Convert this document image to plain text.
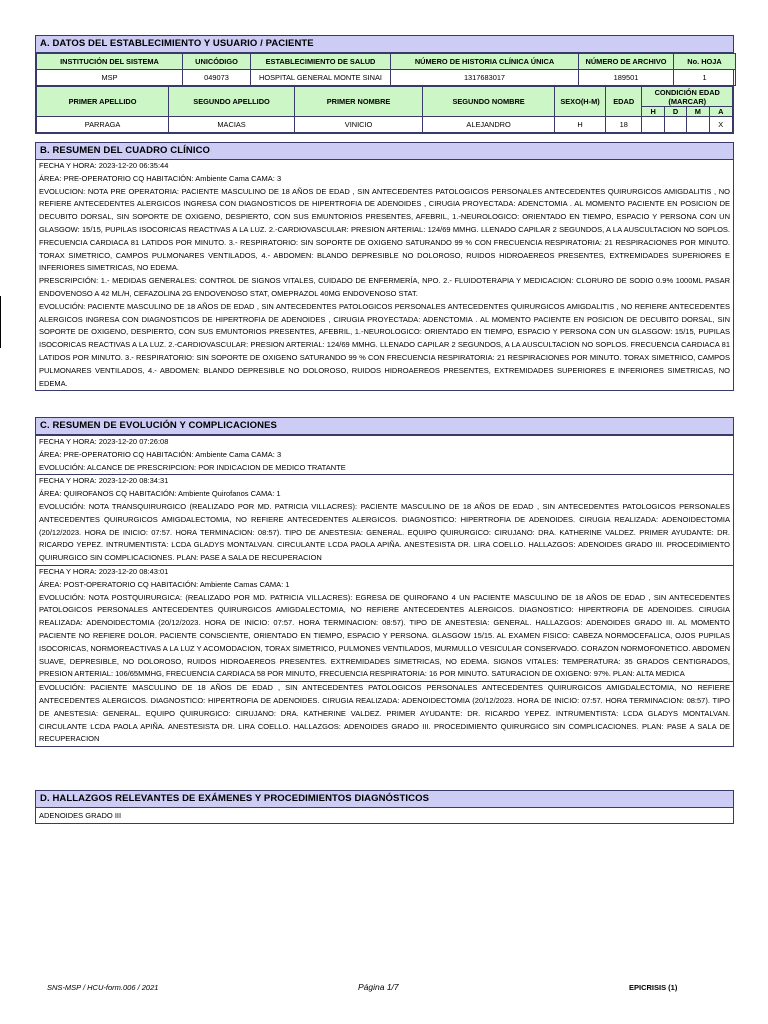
A. DATOS DEL ESTABLECIMIENTO Y USUARIO / PACIENTE
INSTITUCIÓN DEL SISTEMA	UNICÓDIGO	ESTABLECIMIENTO DE SALUD	NÚMERO DE HISTORIA CLÍNICA ÚNICA	NÚMERO DE ARCHIVO	No. HOJA
MSP	049073	HOSPITAL GENERAL MONTE SINAI	1317683017	189501	1
PRIMER APELLIDO	SEGUNDO APELLIDO	PRIMER NOMBRE	SEGUNDO NOMBRE	SEXO(H-M)	EDAD	CONDICIÓN EDAD (MARCAR)			
						H	D	M	A
PARRAGA	MACIAS	VINICIO	ALEJANDRO	H	18				X
B. RESUMEN DEL CUADRO CLÍNICO

FECHA Y HORA: 2023-12-20 06:35:44

ÁREA: PRE-OPERATORIO CQ HABITACIÓN: Ambiente Cama CAMA: 3

EVOLUCION: NOTA PRE OPERATORIA: PACIENTE MASCULINO DE 18 AÑOS DE EDAD , SIN ANTECEDENTES PATOLOGICOS PERSONALES ANTECEDENTES QUIRURGICOS AMIGDALITIS , NO REFIERE ANTECEDENTES ALERGICOS INGRESA CON DIAGNOSTICOS DE HIPERTROFIA DE ADENOIDES , CIRUGIA PROYECTADA: ADENCTOMIA . AL MOMENTO PACIENTE EN POSICION DE DECUBITO DORSAL, SIN SOPORTE DE OXIGENO, DESPIERTO, CON SUS EMUNTORIOS PRESENTES, AFEBRIL, 1.-NEUROLOGICO: ORIENTADO EN TIEMPO, ESPACIO Y PERSONA CON UN GLASGOW: 15/15, PUPILAS ISOCORICAS REACTIVAS A LA LUZ. 2.-CARDIOVASCULAR: PRESION ARTERIAL: 124/69 MMHG. LLENADO CAPILAR 2 SEGUNDOS, A LA AUSCULTACION NO SOPLOS. FRECUENCIA CARDIACA 81 LATIDOS POR MINUTO. 3.- RESPIRATORIO: SIN SOPORTE DE OXIGENO SATURANDO 99 % CON FRECUENCIA RESPIRATORIA: 21 RESPIRACIONES POR MINUTO. TORAX SIMETRICO, CAMPOS PULMONARES VENTILADOS, 4.- ABDOMEN: BLANDO DEPRESIBLE NO DOLOROSO, RUIDOS HIDROAEREOS PRESENTES, EXTREMIDADES SUPERIORES E INFERIORES SIMETRICAS, NO EDEMA.

PRESCRIPCIÓN: 1.- MEDIDAS GENERALES: CONTROL DE SIGNOS VITALES, CUIDADO DE ENFERMERÍA, NPO. 2.- FLUIDOTERAPIA Y MEDICACION: CLORURO DE SODIO 0.9% 1000ML PASAR ENDOVENOSO A 42 ML/H, CEFAZOLINA 2G ENDOVENOSO STAT, OMEPRAZOL 40MG ENDOVENOSO STAT.

EVOLUCIÓN: PACIENTE MASCULINO DE 18 AÑOS DE EDAD , SIN ANTECEDENTES PATOLOGICOS PERSONALES ANTECEDENTES QUIRURGICOS AMIGDALITIS , NO REFIERE ANTECEDENTES ALERGICOS INGRESA CON DIAGNOSTICOS DE HIPERTROFIA DE ADENOIDES , CIRUGIA PROYECTADA: ADENCTOMIA . AL MOMENTO PACIENTE EN POSICION DE DECUBITO DORSAL, SIN SOPORTE DE OXIGENO, DESPIERTO, CON SUS EMUNTORIOS PRESENTES, AFEBRIL, 1.-NEUROLOGICO: ORIENTADO EN TIEMPO, ESPACIO Y PERSONA CON UN GLASGOW: 15/15, PUPILAS ISOCORICAS REACTIVAS A LA LUZ. 2.-CARDIOVASCULAR: PRESION ARTERIAL: 124/69 MMHG. LLENADO CAPILAR 2 SEGUNDOS, A LA AUSCULTACION NO SOPLOS. FRECUENCIA CARDIACA 81 LATIDOS POR MINUTO. 3.- RESPIRATORIO: SIN SOPORTE DE OXIGENO SATURANDO 99 % CON FRECUENCIA RESPIRATORIA: 21 RESPIRACIONES POR MINUTO. TORAX SIMETRICO, CAMPOS PULMONARES VENTILADOS, 4.- ABDOMEN: BLANDO DEPRESIBLE NO DOLOROSO, RUIDOS HIDROAEREOS PRESENTES, EXTREMIDADES SUPERIORES E INFERIORES SIMETRICAS, NO EDEMA.

C. RESUMEN DE EVOLUCIÓN Y COMPLICACIONES

FECHA Y HORA: 2023-12-20 07:26:08

ÁREA: PRE-OPERATORIO CQ HABITACIÓN: Ambiente Cama CAMA: 3

EVOLUCIÓN: ALCANCE DE PRESCRIPCION: POR INDICACION DE MEDICO TRATANTE

FECHA Y HORA: 2023-12-20 08:34:31

ÁREA: QUIROFANOS CQ HABITACIÓN: Ambiente Quirofanos CAMA: 1

EVOLUCIÓN: NOTA TRANSQUIRURGICO (REALIZADO POR MD. PATRICIA VILLACRES): PACIENTE MASCULINO DE 18 AÑOS DE EDAD , SIN ANTECEDENTES PATOLOGICOS PERSONALES ANTECEDENTES QUIRURGICOS AMIGDALECTOMIA, NO REFIERE ANTECEDENTES ALERGICOS. DIAGNOSTICO: HIPERTROFIA DE ADENOIDES. CIRUGIA REALIZADA: ADENOIDECTOMIA (20/12/2023. HORA DE INICIO: 07:57. HORA TERMINACION: 08:57). TIPO DE ANESTESIA: GENERAL. EQUIPO QUIRURGICO: CIRUJANO: DRA. KATHERINE VALDEZ. PRIMER AYUDANTE: DR. RICARDO YEPEZ. INTRUMENTISTA: LCDA GLADYS MONTALVAN. CIRCULANTE LCDA PAOLA APIÑA. ANESTESISTA DR. LIRA COELLO. HALLAZGOS: ADENOIDES GRADO III. PROCEDIMIENTO QUIRURGICO SIN COMPLICACIONES. PLAN: PASE A SALA DE RECUPERACION

FECHA Y HORA: 2023-12-20 08:43:01

ÁREA: POST-OPERATORIO CQ HABITACIÓN: Ambiente Camas CAMA: 1

EVOLUCIÓN: NOTA POSTQUIRURGICA: (REALIZADO POR MD. PATRICIA VILLACRES): EGRESA DE QUIROFANO 4 UN PACIENTE MASCULINO DE 18 AÑOS DE EDAD , SIN ANTECEDENTES PATOLOGICOS PERSONALES ANTECEDENTES QUIRURGICOS AMIGDALECTOMIA, NO REFIERE ANTECEDENTES ALERGICOS. DIAGNOSTICO: HIPERTROFIA DE ADENOIDES. CIRUGIA REALIZADA: ADENOIDECTOMIA (20/12/2023. HORA DE INICIO: 07:57. HORA TERMINACION: 08:57). TIPO DE ANESTESIA: GENERAL. HALLAZGOS: ADENOIDES GRADO III. AL MOMENTO PACIENTE NO REFIERE DOLOR. PACIENTE CONSCIENTE, ORIENTADO EN TIEMPO, ESPACIO Y PERSONA. GLASGOW 15/15. AL EXAMEN FISICO: CABEZA NORMOCEFALICA, OJOS PUPILAS ISOCORICAS, NORMOREACTIVAS A LA LUZ Y ACOMODACION, TORAX SIMETRICO, PULMONES VENTILADOS, MURMULLO VESICULAR CONSERVADO. CORAZON NORMOFONETICO. ABDOMEN SUAVE, DEPRESIBLE, NO DOLOROSO, RUIDOS HIDROAEREOS PRESENTES. EXTREMIDADES SIMETRICAS, NO EDEMA. SIGNOS VITALES: TEMPERATURA: 35 GRADOS CENTIGRADOS, PRESION ARTERIAL: 106/65MMHG, FRECUENCIA CARDIACA 58 POR MINUTO, FRECUENCIA RESPIRATORIA: 16 POR MINUTO. SATURACION DE OXIGENO: 97%. PLAN: ALTA MEDICA

EVOLUCIÓN: PACIENTE MASCULINO DE 18 AÑOS DE EDAD , SIN ANTECEDENTES PATOLOGICOS PERSONALES ANTECEDENTES QUIRURGICOS AMIGDALECTOMIA, NO REFIERE ANTECEDENTES ALERGICOS. DIAGNOSTICO: HIPERTROFIA DE ADENOIDES. CIRUGIA REALIZADA: ADENOIDECTOMIA (20/12/2023. HORA DE INICIO: 07:57. HORA TERMINACION: 08:57). TIPO DE ANESTESIA: GENERAL. EQUIPO QUIRURGICO: CIRUJANO: DRA. KATHERINE VALDEZ. PRIMER AYUDANTE: DR. RICARDO YEPEZ. INTRUMENTISTA: LCDA GLADYS MONTALVAN. CIRCULANTE LCDA PAOLA APIÑA. ANESTESISTA DR. LIRA COELLO. HALLAZGOS: ADENOIDES GRADO III. PROCEDIMIENTO QUIRURGICO SIN COMPLICACIONES. PLAN: PASE A SALA DE RECUPERACION

D. HALLAZGOS RELEVANTES DE EXÁMENES Y PROCEDIMIENTOS DIAGNÓSTICOS
ADENOIDES GRADO III
SNS-MSP / HCU-form.006 / 2021	Página 1/7	EPICRISIS (1)
